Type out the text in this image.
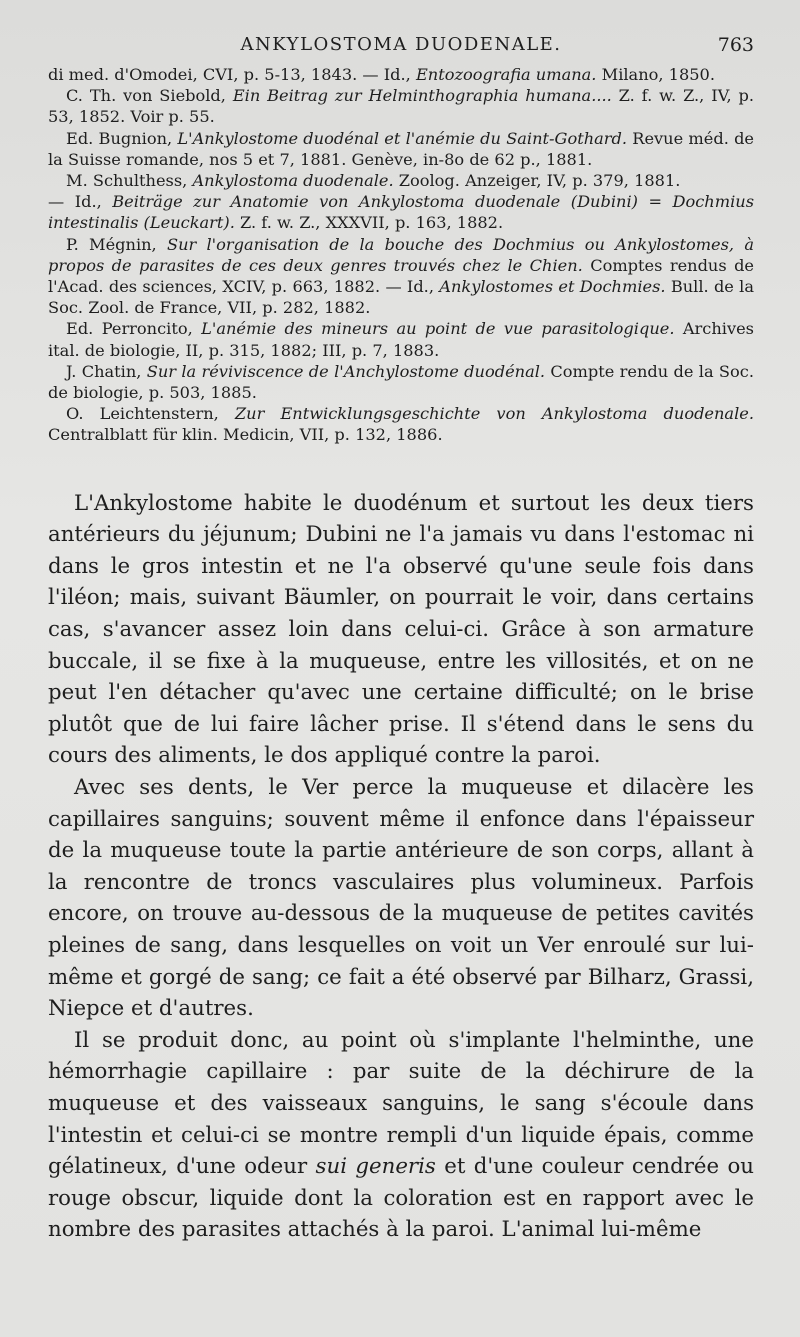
ANKYLOSTOMA DUODENALE.	763

di med. d'Omodei, CVI, p. 5-13, 1843. — Id., Entozoografia umana. Milano, 1850.

C. Th. von Siebold, Ein Beitrag zur Helminthographia humana.... Z. f. w. Z., IV, p. 53, 1852. Voir p. 55.

Ed. Bugnion, L'Ankylostome duodénal et l'anémie du Saint-Gothard. Revue méd. de la Suisse romande, nos 5 et 7, 1881. Genève, in-8o de 62 p., 1881.

M. Schulthess, Ankylostoma duodenale. Zoolog. Anzeiger, IV, p. 379, 1881.

— Id., Beiträge zur Anatomie von Ankylostoma duodenale (Dubini) = Dochmius intestinalis (Leuckart). Z. f. w. Z., XXXVII, p. 163, 1882.

P. Mégnin, Sur l'organisation de la bouche des Dochmius ou Ankylostomes, à propos de parasites de ces deux genres trouvés chez le Chien. Comptes rendus de l'Acad. des sciences, XCIV, p. 663, 1882. — Id., Ankylostomes et Dochmies. Bull. de la Soc. Zool. de France, VII, p. 282, 1882.

Ed. Perroncito, L'anémie des mineurs au point de vue parasitologique. Archives ital. de biologie, II, p. 315, 1882; III, p. 7, 1883.

J. Chatin, Sur la réviviscence de l'Anchylostome duodénal. Compte rendu de la Soc. de biologie, p. 503, 1885.

O. Leichtenstern, Zur Entwicklungsgeschichte von Ankylostoma duodenale. Centralblatt für klin. Medicin, VII, p. 132, 1886.

L'Ankylostome habite le duodénum et surtout les deux tiers antérieurs du jéjunum; Dubini ne l'a jamais vu dans l'estomac ni dans le gros intestin et ne l'a observé qu'une seule fois dans l'iléon; mais, suivant Bäumler, on pourrait le voir, dans certains cas, s'avancer assez loin dans celui-ci. Grâce à son armature buccale, il se fixe à la muqueuse, entre les villosités, et on ne peut l'en détacher qu'avec une certaine difficulté; on le brise plutôt que de lui faire lâcher prise. Il s'étend dans le sens du cours des aliments, le dos appliqué contre la paroi.

Avec ses dents, le Ver perce la muqueuse et dilacère les capillaires sanguins; souvent même il enfonce dans l'épaisseur de la muqueuse toute la partie antérieure de son corps, allant à la rencontre de troncs vasculaires plus volumineux. Parfois encore, on trouve au-dessous de la muqueuse de petites cavités pleines de sang, dans lesquelles on voit un Ver enroulé sur lui-même et gorgé de sang; ce fait a été observé par Bilharz, Grassi, Niepce et d'autres.

Il se produit donc, au point où s'implante l'helminthe, une hémorrhagie capillaire : par suite de la déchirure de la muqueuse et des vaisseaux sanguins, le sang s'écoule dans l'intestin et celui-ci se montre rempli d'un liquide épais, comme gélatineux, d'une odeur sui generis et d'une couleur cendrée ou rouge obscur, liquide dont la coloration est en rapport avec le nombre des parasites attachés à la paroi. L'animal lui-même
